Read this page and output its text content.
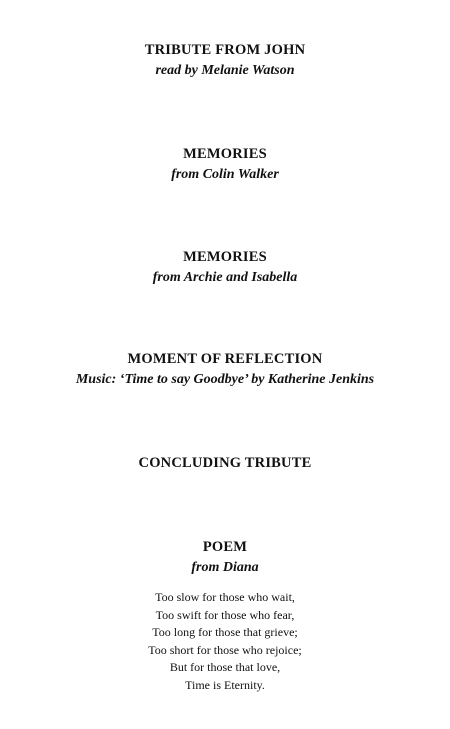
TRIBUTE FROM JOHN

read by Melanie Watson

MEMORIES

from Colin Walker

MEMORIES

from Archie and Isabella

MOMENT OF REFLECTION

Music: ‘Time to say Goodbye’ by Katherine Jenkins

CONCLUDING TRIBUTE

POEM

from Diana

Too slow for those who wait,
Too swift for those who fear,
Too long for those that grieve;
Too short for those who rejoice;
But for those that love,
Time is Eternity.
